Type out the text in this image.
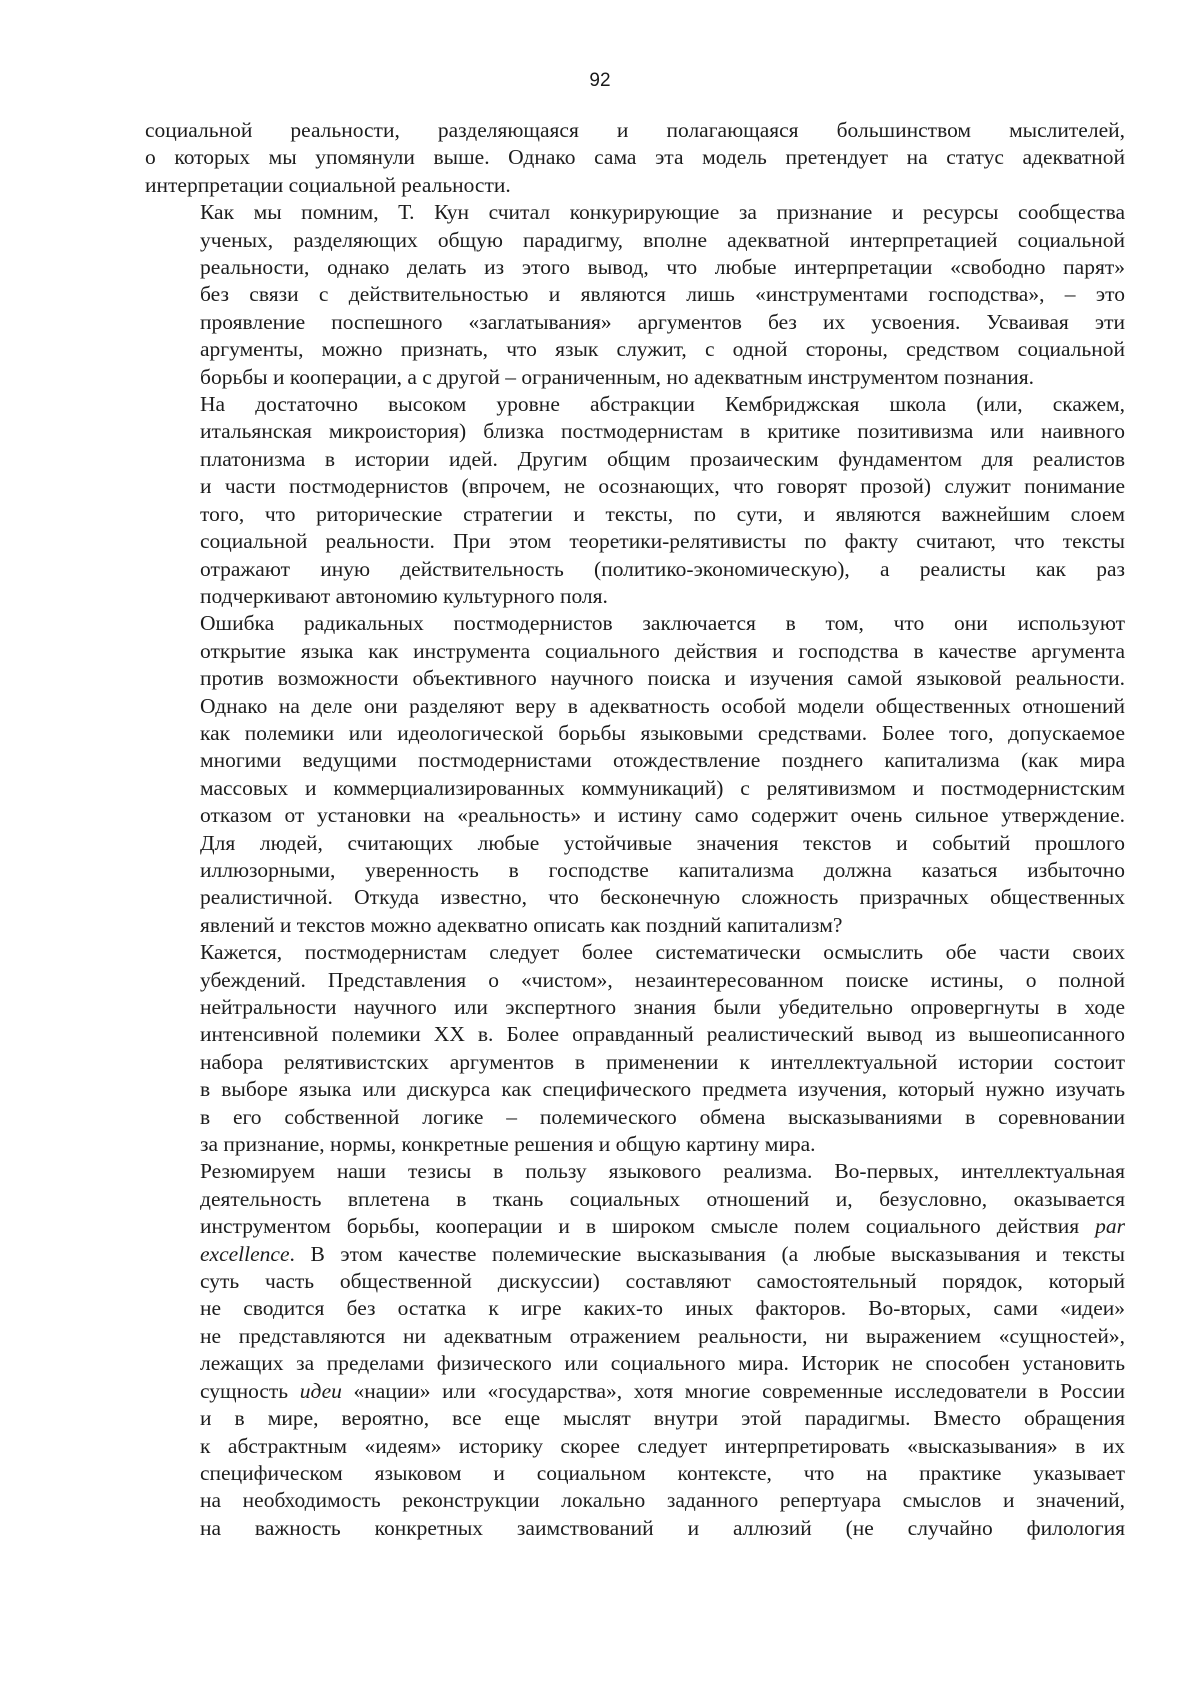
92
социальной реальности, разделяющаяся и полагающаяся большинством мыслителей,
о которых мы упомянули выше. Однако сама эта модель претендует на статус адекватной
интерпретации социальной реальности.
Как мы помним, Т. Кун считал конкурирующие за признание и ресурсы сообщества
ученых, разделяющих общую парадигму, вполне адекватной интерпретацией социальной
реальности, однако делать из этого вывод, что любые интерпретации «свободно парят»
без связи с действительностью и являются лишь «инструментами господства», – это
проявление поспешного «заглатывания» аргументов без их усвоения. Усваивая эти
аргументы, можно признать, что язык служит, с одной стороны, средством социальной
борьбы и кооперации, а с другой – ограниченным, но адекватным инструментом познания.
На достаточно высоком уровне абстракции Кембриджская школа (или, скажем,
итальянская микроистория) близка постмодернистам в критике позитивизма или наивного
платонизма в истории идей. Другим общим прозаическим фундаментом для реалистов
и части постмодернистов (впрочем, не осознающих, что говорят прозой) служит понимание
того, что риторические стратегии и тексты, по сути, и являются важнейшим слоем
социальной реальности. При этом теоретики-релятивисты по факту считают, что тексты
отражают иную действительность (политико-экономическую), а реалисты как раз
подчеркивают автономию культурного поля.
Ошибка радикальных постмодернистов заключается в том, что они используют
открытие языка как инструмента социального действия и господства в качестве аргумента
против возможности объективного научного поиска и изучения самой языковой реальности.
Однако на деле они разделяют веру в адекватность особой модели общественных отношений
как полемики или идеологической борьбы языковыми средствами. Более того, допускаемое
многими ведущими постмодернистами отождествление позднего капитализма (как мира
массовых и коммерциализированных коммуникаций) с релятивизмом и постмодернистским
отказом от установки на «реальность» и истину само содержит очень сильное утверждение.
Для людей, считающих любые устойчивые значения текстов и событий прошлого
иллюзорными, уверенность в господстве капитализма должна казаться избыточно
реалистичной. Откуда известно, что бесконечную сложность призрачных общественных
явлений и текстов можно адекватно описать как поздний капитализм?
Кажется, постмодернистам следует более систематически осмыслить обе части своих
убеждений. Представления о «чистом», незаинтересованном поиске истины, о полной
нейтральности научного или экспертного знания были убедительно опровергнуты в ходе
интенсивной полемики XX в. Более оправданный реалистический вывод из вышеописанного
набора релятивистских аргументов в применении к интеллектуальной истории состоит
в выборе языка или дискурса как специфического предмета изучения, который нужно изучать
в его собственной логике – полемического обмена высказываниями в соревновании
за признание, нормы, конкретные решения и общую картину мира.
Резюмируем наши тезисы в пользу языкового реализма. Во-первых, интеллектуальная
деятельность вплетена в ткань социальных отношений и, безусловно, оказывается
инструментом борьбы, кооперации и в широком смысле полем социального действия par
excellence. В этом качестве полемические высказывания (а любые высказывания и тексты
суть часть общественной дискуссии) составляют самостоятельный порядок, который
не сводится без остатка к игре каких-то иных факторов. Во-вторых, сами «идеи»
не представляются ни адекватным отражением реальности, ни выражением «сущностей»,
лежащих за пределами физического или социального мира. Историк не способен установить
сущность идеи «нации» или «государства», хотя многие современные исследователи в России
и в мире, вероятно, все еще мыслят внутри этой парадигмы. Вместо обращения
к абстрактным «идеям» историку скорее следует интерпретировать «высказывания» в их
специфическом языковом и социальном контексте, что на практике указывает
на необходимость реконструкции локально заданного репертуара смыслов и значений,
на важность конкретных заимствований и аллюзий (не случайно филология
